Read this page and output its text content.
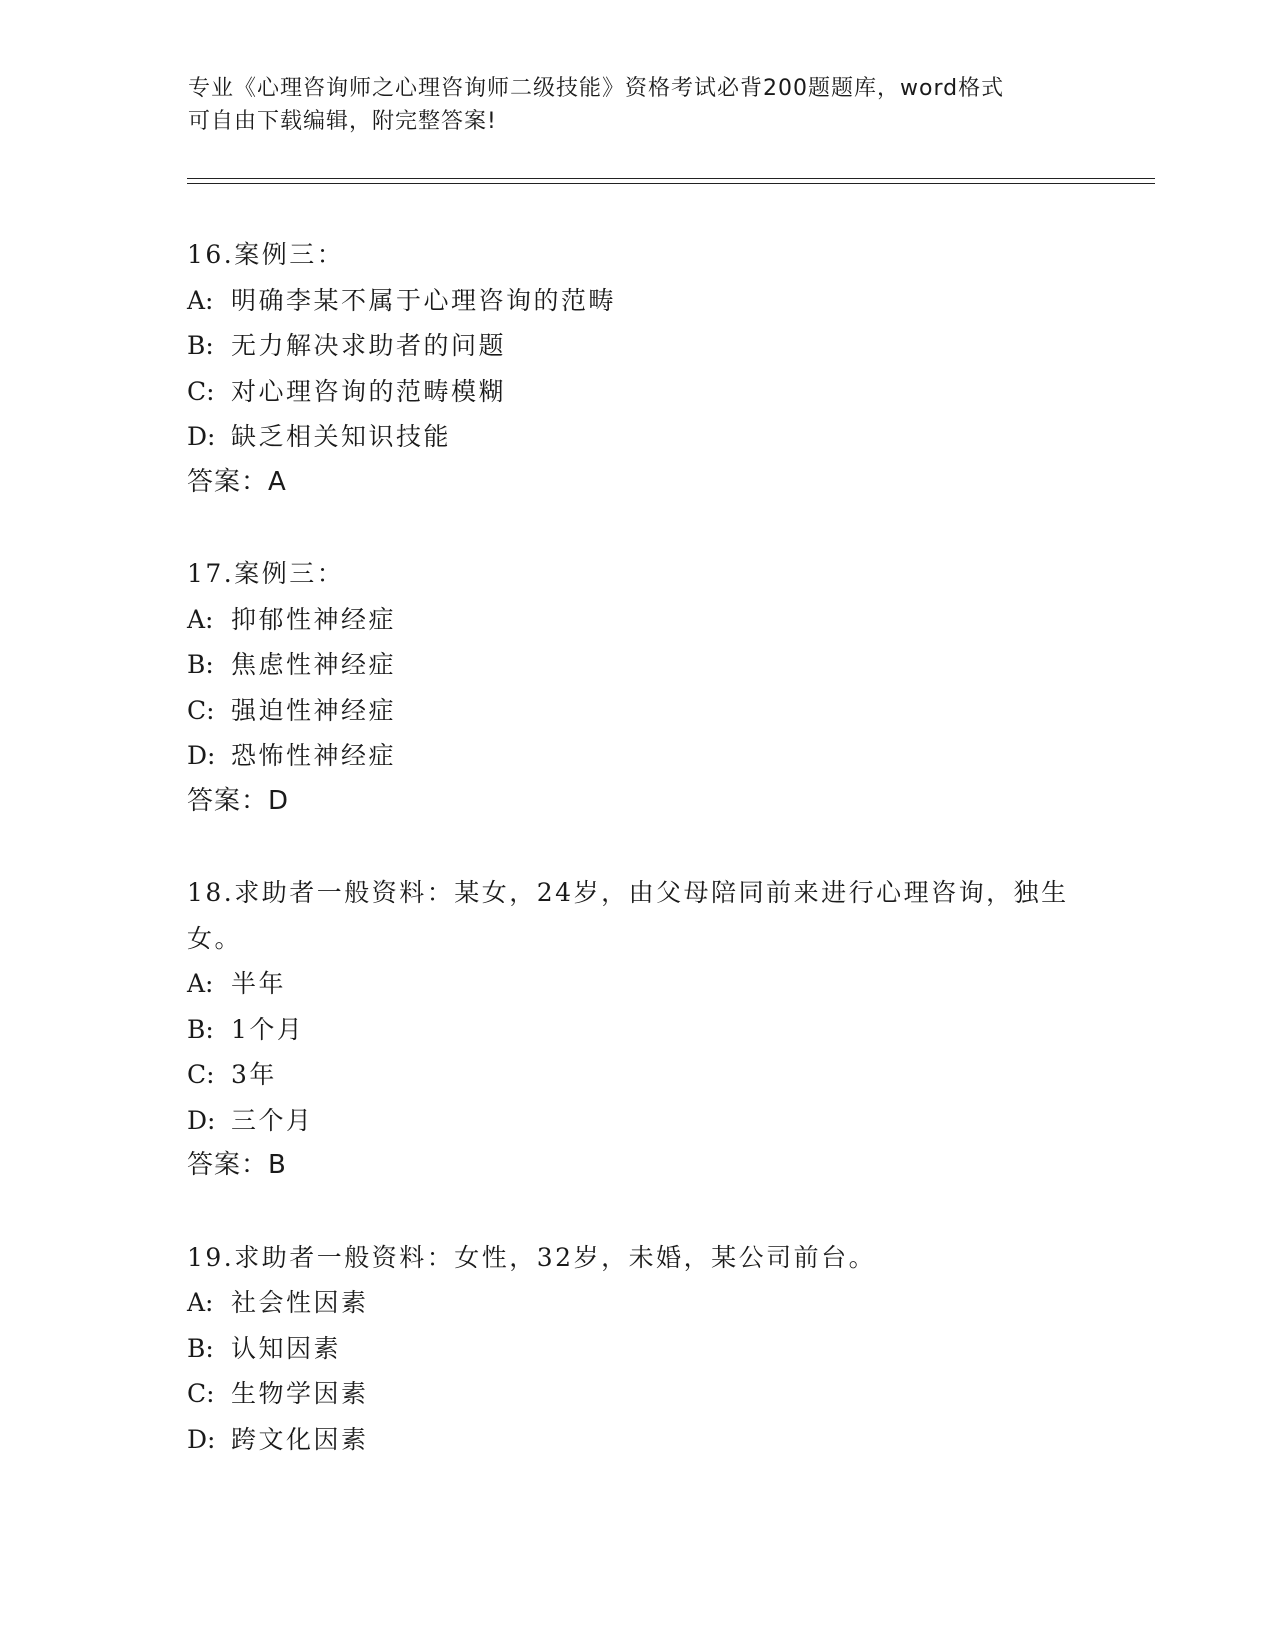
专业《心理咨询师之心理咨询师二级技能》资格考试必背200题题库，word格式
可自由下载编辑，附完整答案!
16.案例三：
A: 明确李某不属于心理咨询的范畴
B: 无力解决求助者的问题
C: 对心理咨询的范畴模糊
D: 缺乏相关知识技能
答案：A
17.案例三：
A: 抑郁性神经症
B: 焦虑性神经症
C: 强迫性神经症
D: 恐怖性神经症
答案：D
18.求助者一般资料：某女，24岁，由父母陪同前来进行心理咨询，独生女。
A: 半年
B: 1个月
C: 3年
D: 三个月
答案：B
19.求助者一般资料：女性，32岁，未婚，某公司前台。
A: 社会性因素
B: 认知因素
C: 生物学因素
D: 跨文化因素
